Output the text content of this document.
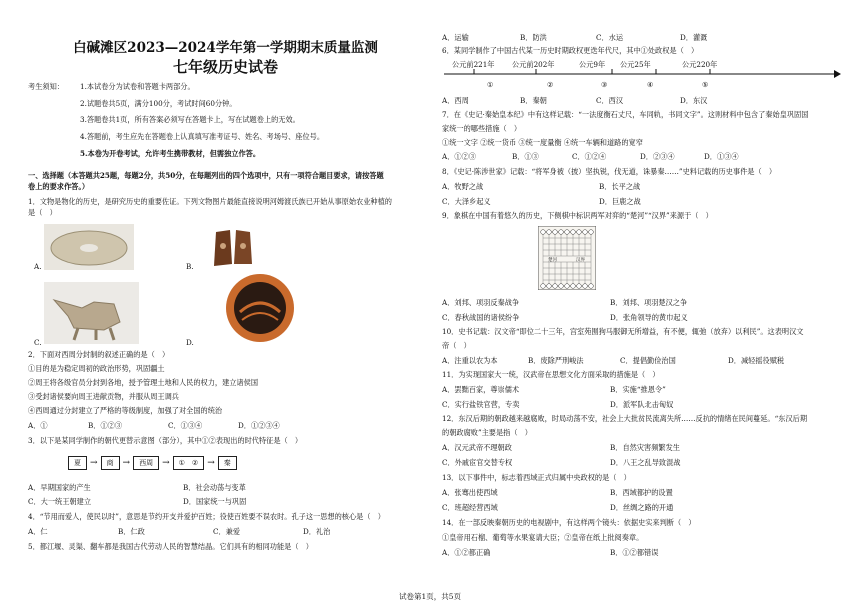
白碱滩区2023—2024学年第一学期期末质量监测
七年级历史试卷
考生须知： 1.本试卷分为试卷和答题卡两部分。
2.试题卷共5页，满分100分，考试时间60分钟。
3.答题卷共1页，所有答案必须写在答题卡上，写在试题卷上的无效。
4.答题前，考生应先在答题卷上认真填写准考证号、姓名、考场号、座位号。
5.本卷为开卷考试，允许考生携带教材，但需独立作答。
一、选择题（本答题共25题，每题2分，共50分，在每题列出的四个选项中，只有一项符合题目要求，请按答题
卷上的要求作答。）
1．文物是物化的历史，是研究历史的重要佐证。下列文物图片最能直接说明河姆渡氏族已开始从事原始农业种植的
是（　）
A.	B.
C.	D.
2．下面对西周分封制的叙述正确的是（　）
①目的是为稳定周初的政治形势，巩固疆土
②周王将各级官员分封到各地，授予管理土地和人民的权力，建立诸侯国
③受封诸侯要向周王进献贡物，并服从周王调兵
④西周通过分封建立了严格的等级制度，加强了对全国的统治
A．①	B．①②③	C．①③④	D．①②③④
3．以下是某同学制作的朝代更替示意图（部分），其中①②表现出的时代特征是（　）
夏	→	商	→	西周	→	①　②	→	秦
A．早期国家的产生	B．社会动荡与变革
C．大一统王朝建立	D．国家统一与巩固
4．“节用而爱人，使民以时”，意思是节约开支并爱护百姓；役使百姓要不误农时。孔子这一思想的核心是（　）
A．仁	B．仁政	C．兼爱	D．礼治
5．都江堰、灵渠、翻车都是我国古代劳动人民的智慧结晶。它们具有的相同功能是（　）
A．运输	B．防洪	C．水运	D．灌溉
6．某同学制作了中国古代某一历史时期政权更迭年代尺，其中①处政权是（　）
公元前221年 公元前202年	公元9年 公元25年	公元220年
①	②	③	④	⑤
A．西周	B．秦朝	C．西汉	D．东汉
7．在《史记·秦始皇本纪》中有这样记载：“一法度衡石丈尺，车同轨，书同文字”。这则材料中包含了秦始皇巩固国
家统一的哪些措施（　）
①统一文字 ②统一货币 ③统一度量衡 ④统一车辆和道路的宽窄
A．①②③	B．①③	C．①②④	D．②③④	D．①③④
8．《史记·陈涉世家》记载：“将军身被（披）坚执锐，伐无道，诛暴秦……”史料记载的历史事件是（　）
A．牧野之战	B．长平之战
C．大泽乡起义	D．巨鹿之战
9．象棋在中国有着悠久的历史，下侧棋中标识两军对弈的“楚河”“汉界”来源于（　）
楚河	汉界
A．刘邦、项羽反秦战争	B．刘邦、项羽楚汉之争
C．春秋战国的诸侯纷争	D．张角领导的黄巾起义
10．史书记载：汉文帝“即位二十三年，宫室苑囿狗马服御无所增益，有不便，辄弛（放弃）以利民”。这表明汉文
帝（　）
A．注重以农为本	B．废除严刑峻法	C．提倡勤俭治国	D．减轻摇役赋税
11．为实现国家大一统，汉武帝在思想文化方面采取的措施是（　）
A．罢黜百家，尊崇儒术	B．实施“推恩令”
C．实行盐铁官营，专卖	D．派军队北击匈奴
12．东汉后期的朝政越来越腐败，时局动荡不安，社会上大批贫民流离失所……反抗的情绪在民间蔓延。“东汉后期
的朝政腐败”主要是指（　）
A．汉元武帝不理朝政	B．自然灾害频繁发生
C．外戚宦官交替专权	D．八王之乱导致混战
13．以下事件中，标志着西域正式归属中央政权的是（　）
A．张骞出使西域	B．西域都护的设置
C．班超经营西域	D．丝绸之路的开通
14．在一部反映秦朝历史的电视剧中，有这样两个镜头：依据史实来判断（　）
①皇帝用石榴、葡萄等水果宴请大臣；②皇帝在纸上批阅奏章。
A．①②都正确	B．①②都错误
试卷第1页，共5页
